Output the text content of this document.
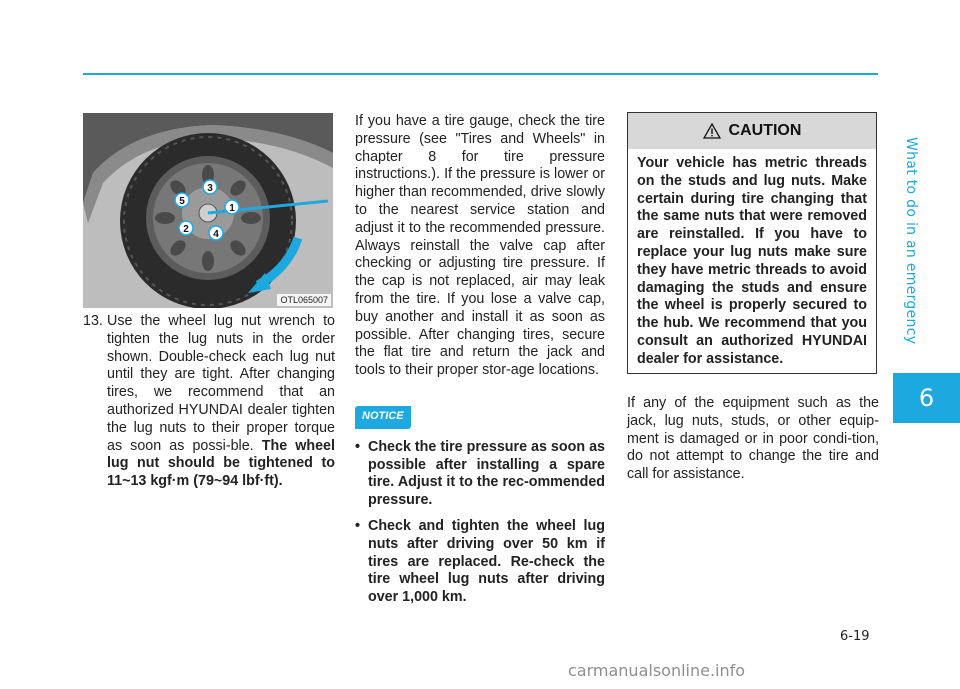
What to do in an emergency
6
3
5
1
2 4
OTL065007
13. Use the wheel lug nut wrench to tighten the lug nuts in the order shown. Double-check each lug nut until they are tight. After changing tires, we recommend that an authorized HYUNDAI dealer tighten the lug nuts to their proper torque as soon as possi-ble. The wheel lug nut should be tightened to 11~13 kgf·m (79~94 lbf·ft).
If you have a tire gauge, check the tire pressure (see "Tires and Wheels" in chapter 8 for tire pressure instructions.). If the pressure is lower or higher than recommended, drive slowly to the nearest service station and adjust it to the recommended pressure. Always reinstall the valve cap after checking or adjusting tire pressure. If the cap is not replaced, air may leak from the tire. If you lose a valve cap, buy another and install it as soon as possible. After changing tires, secure the flat tire and return the jack and tools to their proper stor-age locations.
NOTICE
• Check the tire pressure as soon as possible after installing a spare tire. Adjust it to the rec-ommended pressure.
• Check and tighten the wheel lug nuts after driving over 50 km if tires are replaced. Re-check the tire wheel lug nuts after driving over 1,000 km.
CAUTION
Your vehicle has metric threads on the studs and lug nuts. Make certain during tire changing that the same nuts that were removed are reinstalled. If you have to replace your lug nuts make sure they have metric threads to avoid damaging the studs and ensure the wheel is properly secured to the hub. We recommend that you consult an authorized HYUNDAI dealer for assistance.
If any of the equipment such as the jack, lug nuts, studs, or other equip-ment is damaged or in poor condi-tion, do not attempt to change the tire and call for assistance.
6-19
carmanualsonline.info
